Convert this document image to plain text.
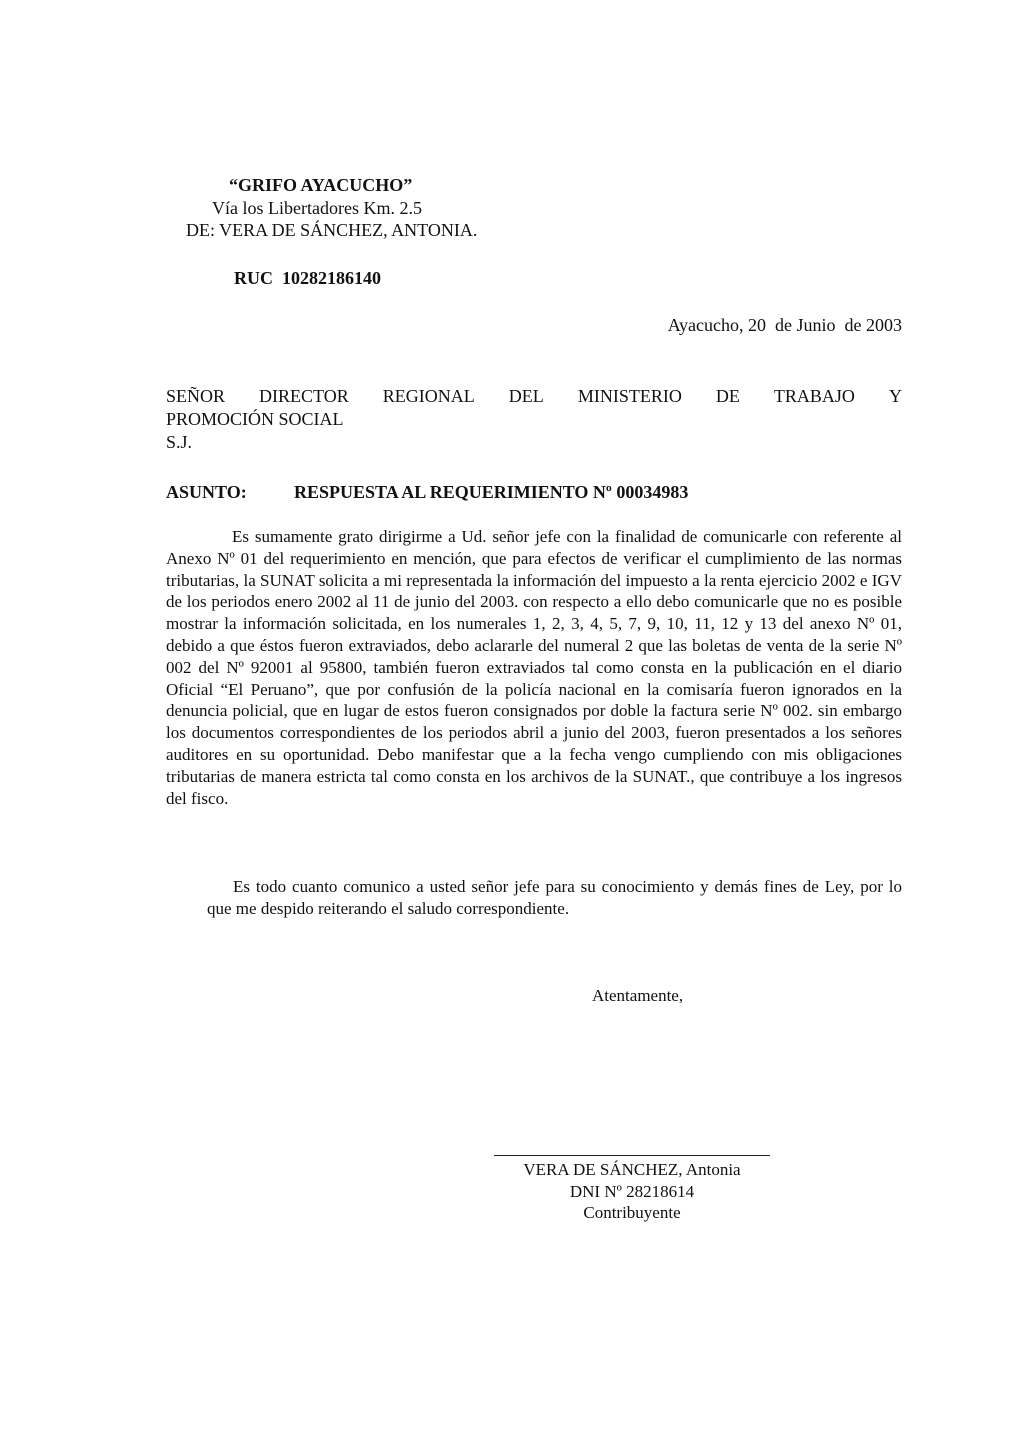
“GRIFO AYACUCHO”
Vía los Libertadores Km. 2.5
DE: VERA DE SÁNCHEZ, ANTONIA.
RUC  10282186140
Ayacucho, 20  de Junio  de 2003
SEÑOR DIRECTOR REGIONAL DEL MINISTERIO DE TRABAJO Y
PROMOCIÓN SOCIAL
S.J.
ASUNTO:	RESPUESTA AL REQUERIMIENTO Nº 00034983

Es sumamente grato dirigirme a Ud. señor jefe con la finalidad de comunicarle con referente al Anexo Nº 01 del requerimiento en mención, que para efectos de verificar el cumplimiento de las normas tributarias, la SUNAT solicita a mi representada la información del impuesto a la renta ejercicio 2002 e IGV de los periodos enero 2002 al 11 de junio del 2003. con respecto a ello debo comunicarle que no es posible mostrar la información solicitada, en los numerales 1, 2, 3, 4, 5, 7, 9, 10, 11, 12 y 13 del anexo Nº 01, debido a que éstos fueron extraviados, debo aclararle del numeral 2 que las boletas de venta de la serie Nº 002 del Nº 92001 al 95800, también fueron extraviados tal como consta en la publicación en el diario Oficial “El Peruano”, que por confusión de la policía nacional en la comisaría fueron ignorados en la denuncia policial, que en lugar de estos fueron consignados por doble la factura serie Nº 002. sin embargo los documentos correspondientes de los periodos abril a junio del 2003, fueron presentados a los señores auditores en su oportunidad. Debo manifestar que a la fecha vengo cumpliendo con mis obligaciones tributarias de manera estricta tal como consta en los archivos de la SUNAT., que contribuye a los ingresos del fisco.

Es todo cuanto comunico a usted señor jefe para su conocimiento y demás fines de Ley, por lo que me despido reiterando el saludo correspondiente.

Atentamente,
VERA DE SÁNCHEZ, Antonia
DNI Nº 28218614
Contribuyente
